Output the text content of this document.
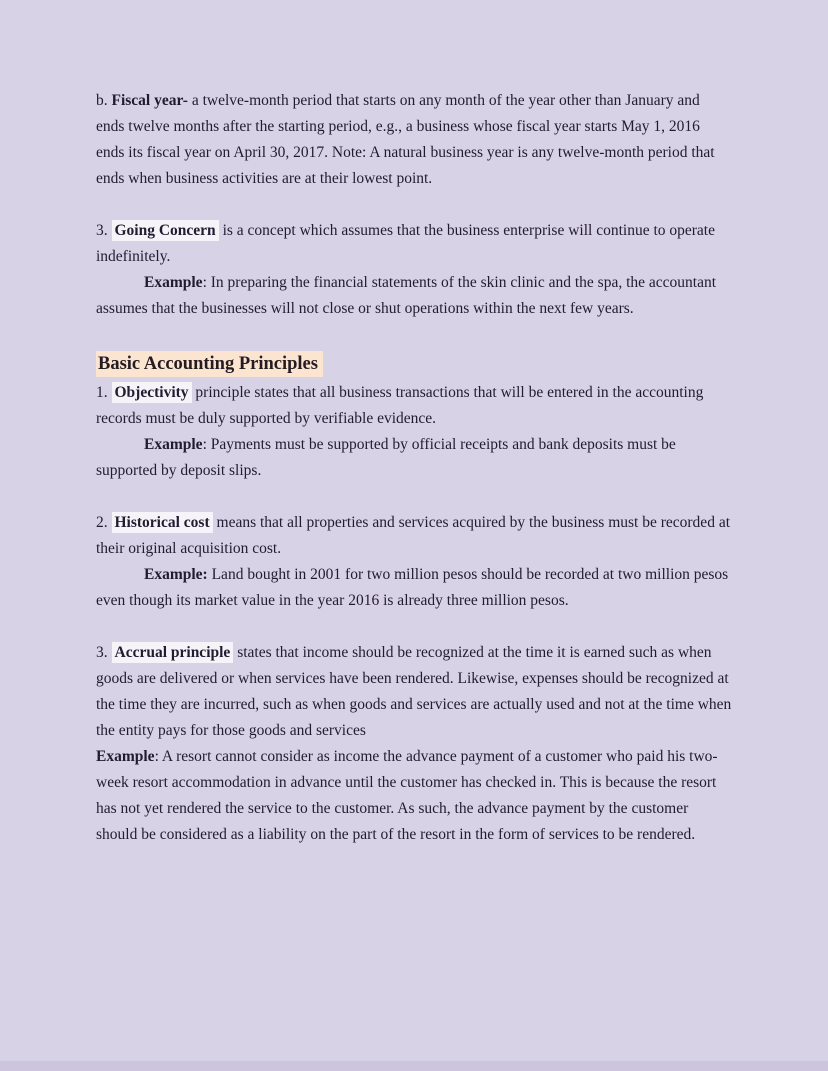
b. Fiscal year- a twelve-month period that starts on any month of the year other than January and ends twelve months after the starting period, e.g., a business whose fiscal year starts May 1, 2016 ends its fiscal year on April 30, 2017. Note: A natural business year is any twelve-month period that ends when business activities are at their lowest point.
3. Going Concern is a concept which assumes that the business enterprise will continue to operate indefinitely.
Example: In preparing the financial statements of the skin clinic and the spa, the accountant assumes that the businesses will not close or shut operations within the next few years.
Basic Accounting Principles
1. Objectivity principle states that all business transactions that will be entered in the accounting records must be duly supported by verifiable evidence.
Example: Payments must be supported by official receipts and bank deposits must be supported by deposit slips.
2. Historical cost means that all properties and services acquired by the business must be recorded at their original acquisition cost.
Example: Land bought in 2001 for two million pesos should be recorded at two million pesos even though its market value in the year 2016 is already three million pesos.
3. Accrual principle states that income should be recognized at the time it is earned such as when goods are delivered or when services have been rendered. Likewise, expenses should be recognized at the time they are incurred, such as when goods and services are actually used and not at the time when the entity pays for those goods and services
Example: A resort cannot consider as income the advance payment of a customer who paid his two-week resort accommodation in advance until the customer has checked in. This is because the resort has not yet rendered the service to the customer. As such, the advance payment by the customer should be considered as a liability on the part of the resort in the form of services to be rendered.
